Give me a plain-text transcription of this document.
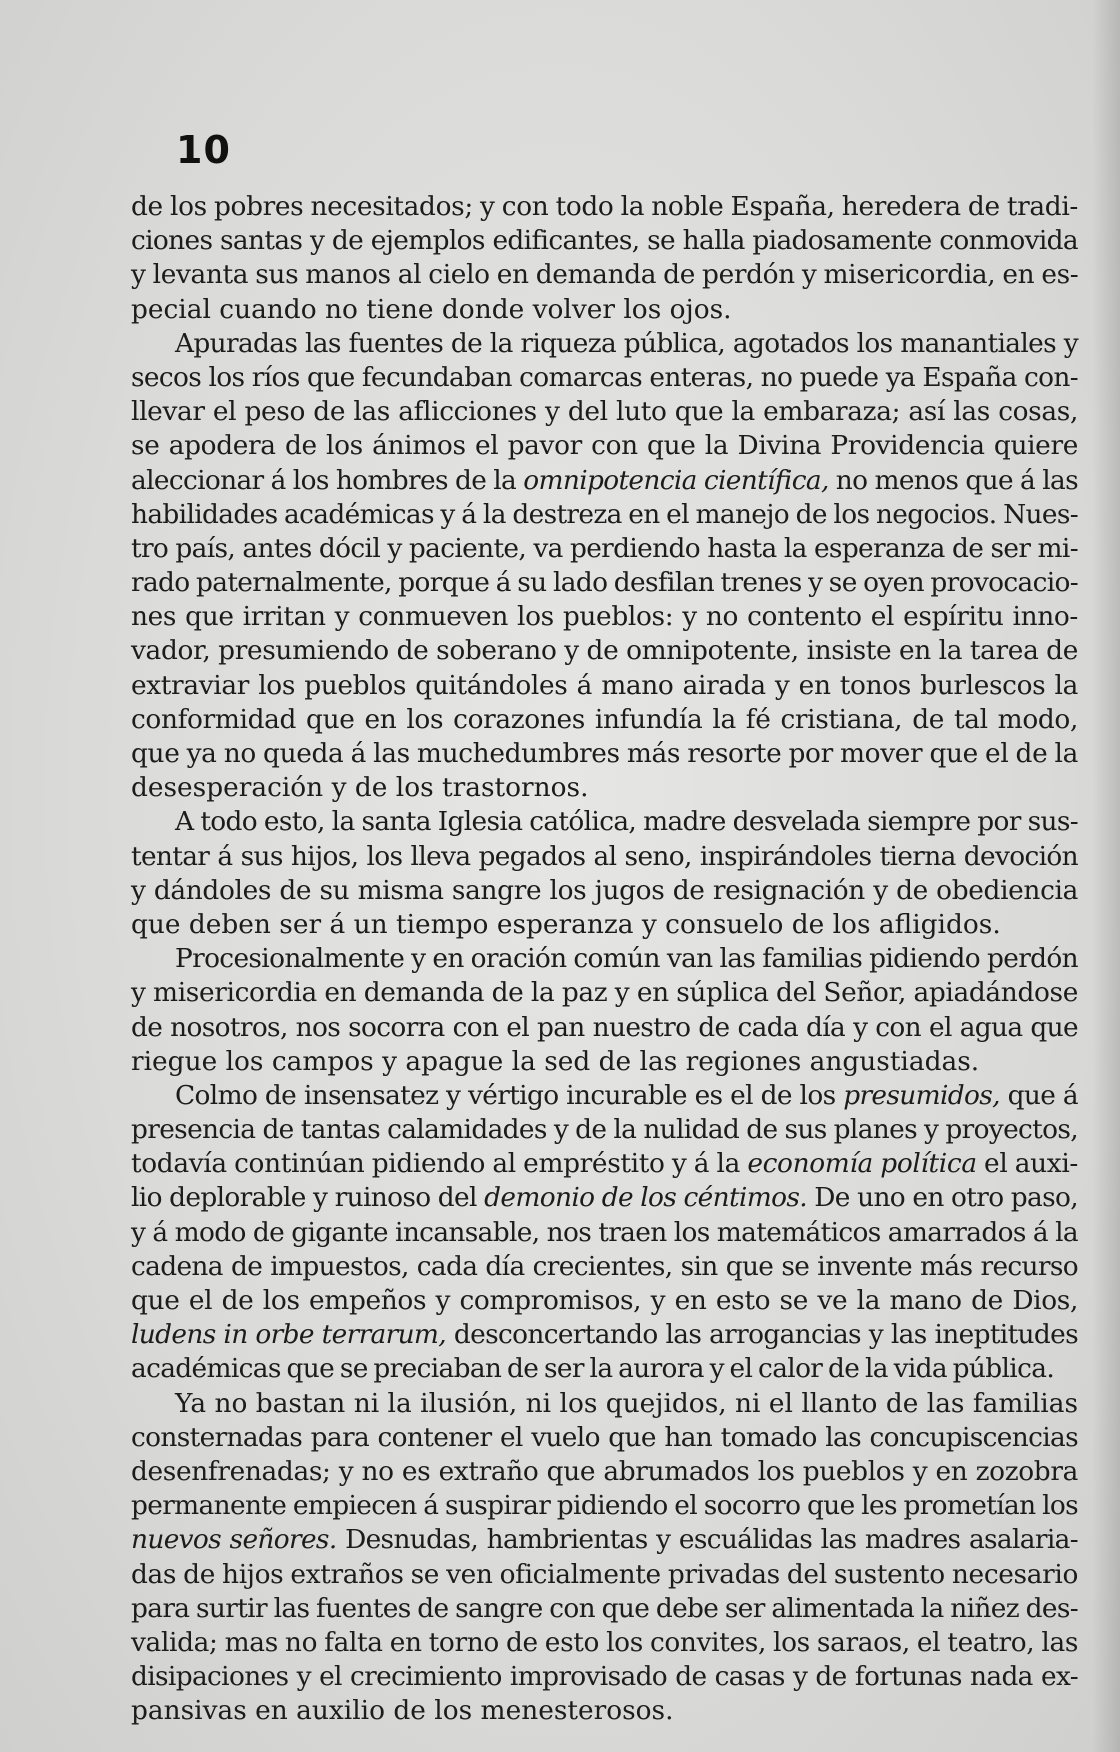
10
de los pobres necesitados; y con todo la noble España, heredera de tradi-
ciones santas y de ejemplos edificantes, se halla piadosamente conmovida
y levanta sus manos al cielo en demanda de perdón y misericordia, en es-
pecial cuando no tiene donde volver los ojos.
Apuradas las fuentes de la riqueza pública, agotados los manantiales y
secos los ríos que fecundaban comarcas enteras, no puede ya España con-
llevar el peso de las aflicciones y del luto que la embaraza; así las cosas,
se apodera de los ánimos el pavor con que la Divina Providencia quiere
aleccionar á los hombres de la omnipotencia científica, no menos que á las
habilidades académicas y á la destreza en el manejo de los negocios. Nues-
tro país, antes dócil y paciente, va perdiendo hasta la esperanza de ser mi-
rado paternalmente, porque á su lado desfilan trenes y se oyen provocacio-
nes que irritan y conmueven los pueblos: y no contento el espíritu inno-
vador, presumiendo de soberano y de omnipotente, insiste en la tarea de
extraviar los pueblos quitándoles á mano airada y en tonos burlescos la
conformidad que en los corazones infundía la fé cristiana, de tal modo,
que ya no queda á las muchedumbres más resorte por mover que el de la
desesperación y de los trastornos.
A todo esto, la santa Iglesia católica, madre desvelada siempre por sus-
tentar á sus hijos, los lleva pegados al seno, inspirándoles tierna devoción
y dándoles de su misma sangre los jugos de resignación y de obediencia
que deben ser á un tiempo esperanza y consuelo de los afligidos.
Procesionalmente y en oración común van las familias pidiendo perdón
y misericordia en demanda de la paz y en súplica del Señor, apiadándose
de nosotros, nos socorra con el pan nuestro de cada día y con el agua que
riegue los campos y apague la sed de las regiones angustiadas.
Colmo de insensatez y vértigo incurable es el de los presumidos, que á
presencia de tantas calamidades y de la nulidad de sus planes y proyectos,
todavía continúan pidiendo al empréstito y á la economía política el auxi-
lio deplorable y ruinoso del demonio de los céntimos. De uno en otro paso,
y á modo de gigante incansable, nos traen los matemáticos amarrados á la
cadena de impuestos, cada día crecientes, sin que se invente más recurso
que el de los empeños y compromisos, y en esto se ve la mano de Dios,
ludens in orbe terrarum, desconcertando las arrogancias y las ineptitudes
académicas que se preciaban de ser la aurora y el calor de la vida pública.
Ya no bastan ni la ilusión, ni los quejidos, ni el llanto de las familias
consternadas para contener el vuelo que han tomado las concupiscencias
desenfrenadas; y no es extraño que abrumados los pueblos y en zozobra
permanente empiecen á suspirar pidiendo el socorro que les prometían los
nuevos señores. Desnudas, hambrientas y escuálidas las madres asalaria-
das de hijos extraños se ven oficialmente privadas del sustento necesario
para surtir las fuentes de sangre con que debe ser alimentada la niñez des-
valida; mas no falta en torno de esto los convites, los saraos, el teatro, las
disipaciones y el crecimiento improvisado de casas y de fortunas nada ex-
pansivas en auxilio de los menesterosos.
